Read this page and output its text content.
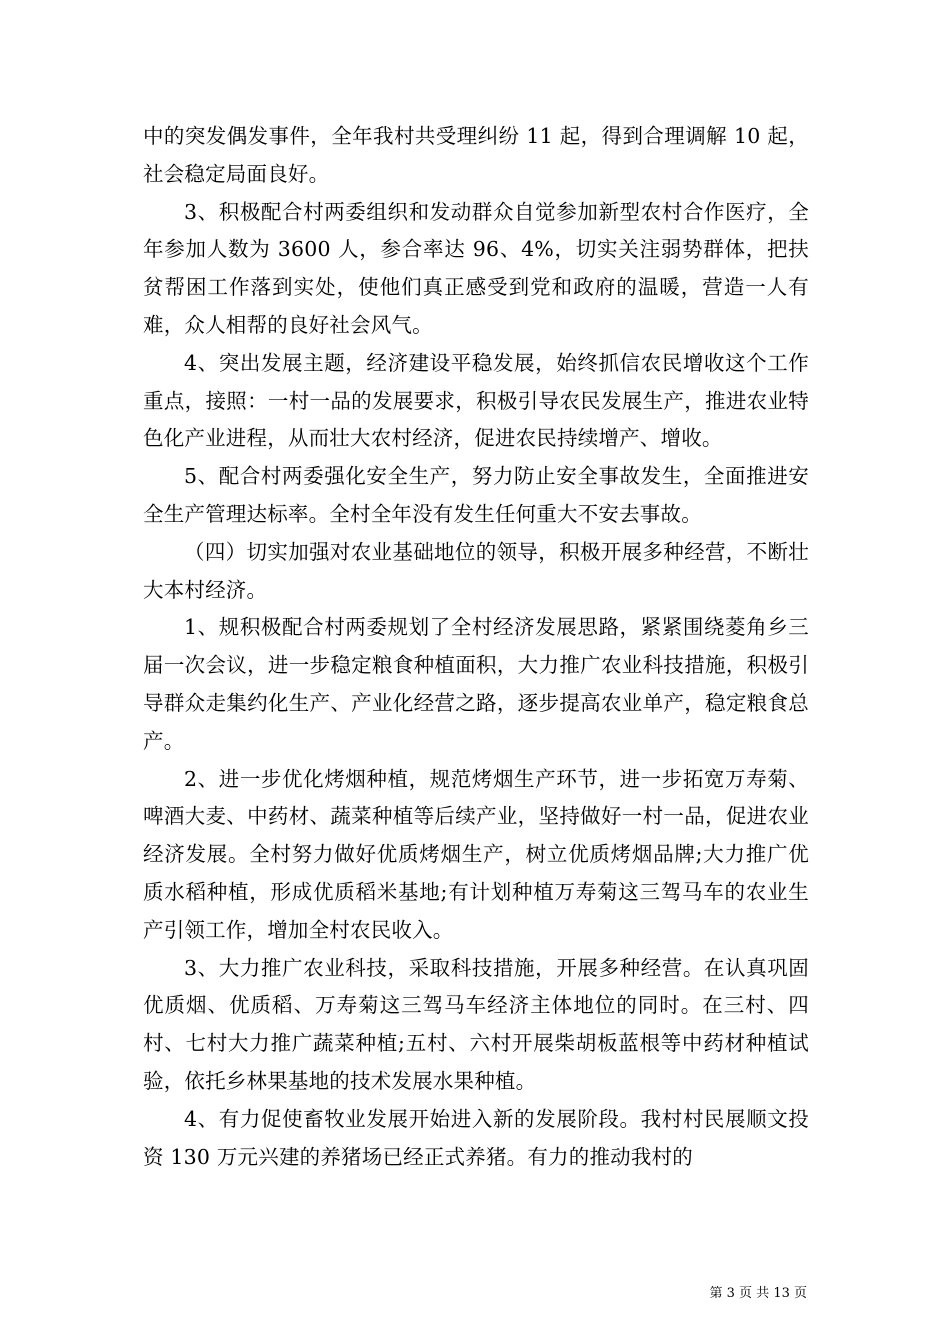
中的突发偶发事件，全年我村共受理纠纷 11 起，得到合理调解 10 起，社会稳定局面良好。

3、积极配合村两委组织和发动群众自觉参加新型农村合作医疗，全年参加人数为 3600 人，参合率达 96、4%，切实关注弱势群体，把扶贫帮困工作落到实处，使他们真正感受到党和政府的温暖，营造一人有难，众人相帮的良好社会风气。

4、突出发展主题，经济建设平稳发展，始终抓信农民增收这个工作重点，接照：一村一品的发展要求，积极引导农民发展生产，推进农业特色化产业进程，从而壮大农村经济，促进农民持续增产、增收。

5、配合村两委强化安全生产，努力防止安全事故发生，全面推进安全生产管理达标率。全村全年没有发生任何重大不安去事故。

（四）切实加强对农业基础地位的领导，积极开展多种经营，不断壮大本村经济。

1、规积极配合村两委规划了全村经济发展思路，紧紧围绕菱角乡三届一次会议，进一步稳定粮食种植面积，大力推广农业科技措施，积极引导群众走集约化生产、产业化经营之路，逐步提高农业单产，稳定粮食总产。

2、进一步优化烤烟种植，规范烤烟生产环节，进一步拓宽万寿菊、啤酒大麦、中药材、蔬菜种植等后续产业，坚持做好一村一品，促进农业经济发展。全村努力做好优质烤烟生产，树立优质烤烟品牌;大力推广优质水稻种植，形成优质稻米基地;有计划种植万寿菊这三驾马车的农业生产引领工作，增加全村农民收入。

3、大力推广农业科技，采取科技措施，开展多种经营。在认真巩固优质烟、优质稻、万寿菊这三驾马车经济主体地位的同时。在三村、四村、七村大力推广蔬菜种植;五村、六村开展柴胡板蓝根等中药材种植试验，依托乡林果基地的技术发展水果种植。

4、有力促使畜牧业发展开始进入新的发展阶段。我村村民展顺文投资 130 万元兴建的养猪场已经正式养猪。有力的推动我村的

第 3 页 共 13 页
